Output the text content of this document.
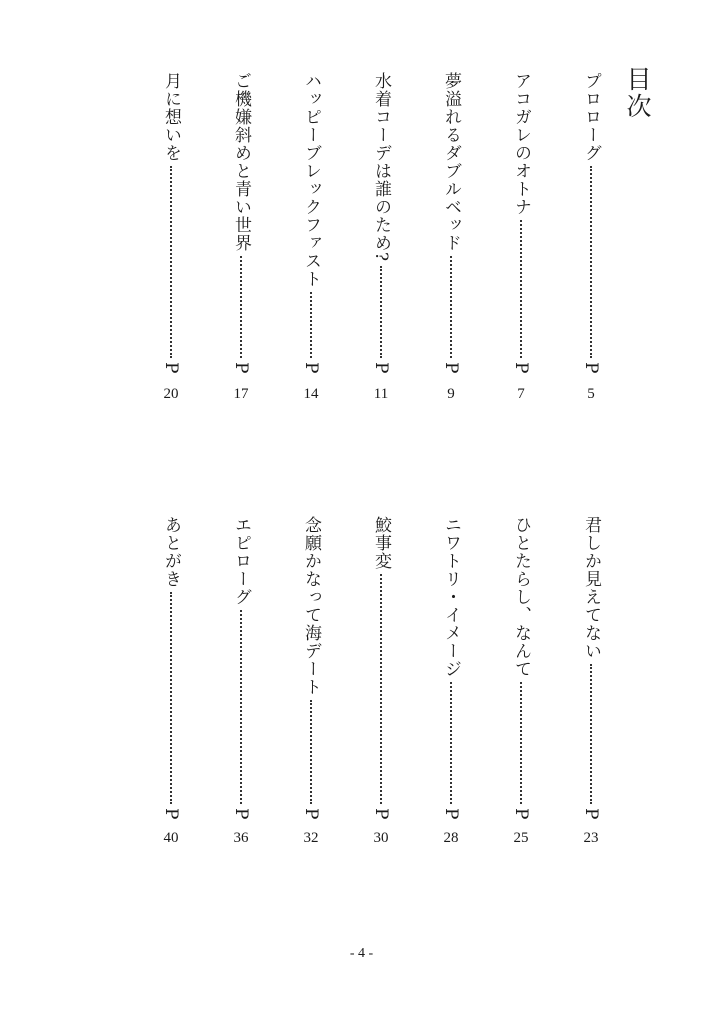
目次
プロローグ
P
5
アコガレのオトナ
P
7
夢溢れるダブルベッド
P
9
水着コーデは誰のため?
P
11
ハッピーブレックファスト
P
14
ご機嫌斜めと青い世界
P
17
月に想いを
P
20
君しか見えてない
P
23
ひとたらし、なんて
P
25
ニワトリ・イメージ
P
28
鮫事変
P
30
念願かなって海デート
P
32
エピローグ
P
36
あとがき
P
40
- 4 -
